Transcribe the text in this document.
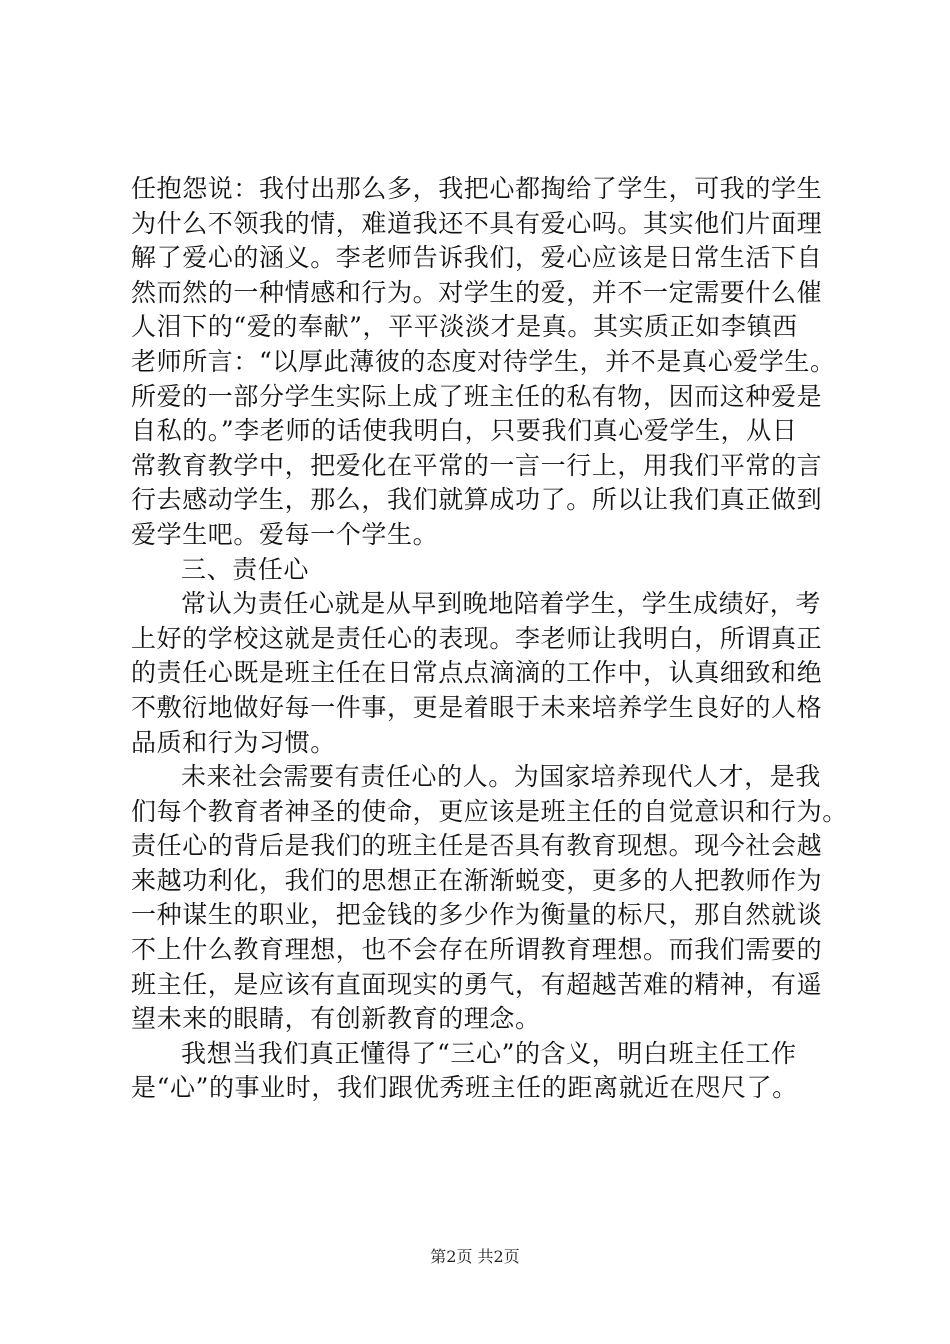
任抱怨说：我付出那么多，我把心都掏给了学生，可我的学生
为什么不领我的情，难道我还不具有爱心吗。其实他们片面理
解了爱心的涵义。李老师告诉我们，爱心应该是日常生活下自
然而然的一种情感和行为。对学生的爱，并不一定需要什么催
人泪下的“爱的奉献”，平平淡淡才是真。其实质正如李镇西
老师所言：“以厚此薄彼的态度对待学生，并不是真心爱学生。
所爱的一部分学生实际上成了班主任的私有物，因而这种爱是
自私的。”李老师的话使我明白，只要我们真心爱学生，从日
常教育教学中，把爱化在平常的一言一行上，用我们平常的言
行去感动学生，那么，我们就算成功了。所以让我们真正做到
爱学生吧。爱每一个学生。
三、责任心
常认为责任心就是从早到晚地陪着学生，学生成绩好，考
上好的学校这就是责任心的表现。李老师让我明白，所谓真正
的责任心既是班主任在日常点点滴滴的工作中，认真细致和绝
不敷衍地做好每一件事，更是着眼于未来培养学生良好的人格
品质和行为习惯。
未来社会需要有责任心的人。为国家培养现代人才，是我
们每个教育者神圣的使命，更应该是班主任的自觉意识和行为。
责任心的背后是我们的班主任是否具有教育现想。现今社会越
来越功利化，我们的思想正在渐渐蜕变，更多的人把教师作为
一种谋生的职业，把金钱的多少作为衡量的标尺，那自然就谈
不上什么教育理想，也不会存在所谓教育理想。而我们需要的
班主任，是应该有直面现实的勇气，有超越苦难的精神，有遥
望未来的眼睛，有创新教育的理念。
我想当我们真正懂得了“三心”的含义，明白班主任工作
是“心”的事业时，我们跟优秀班主任的距离就近在咫尺了。
第2页 共2页
